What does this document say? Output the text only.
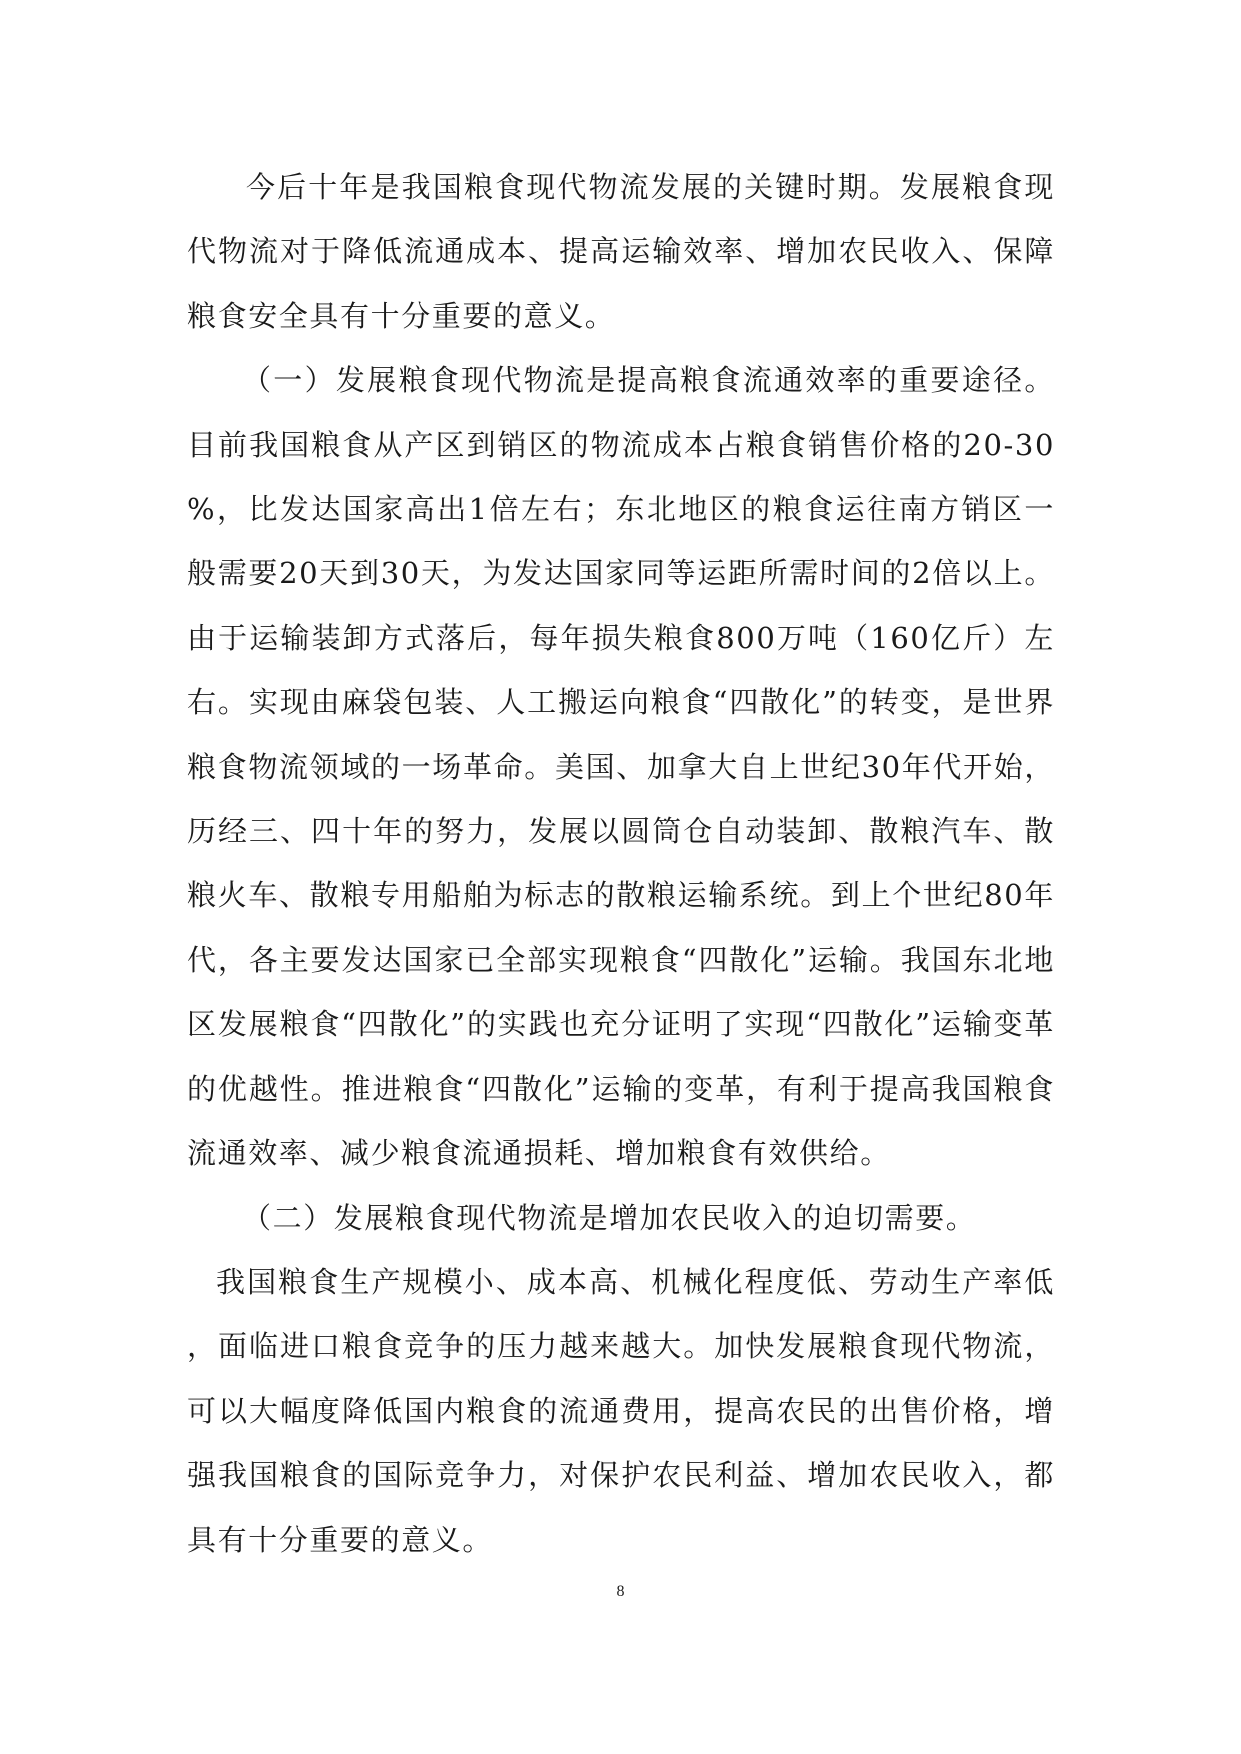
今后十年是我国粮食现代物流发展的关键时期。发展粮食现代物流对于降低流通成本、提高运输效率、增加农民收入、保障粮食安全具有十分重要的意义。

（一）发展粮食现代物流是提高粮食流通效率的重要途径。目前我国粮食从产区到销区的物流成本占粮食销售价格的20-30%，比发达国家高出1倍左右；东北地区的粮食运往南方销区一般需要20天到30天，为发达国家同等运距所需时间的2倍以上。由于运输装卸方式落后，每年损失粮食800万吨（160亿斤）左右。实现由麻袋包装、人工搬运向粮食“四散化”的转变，是世界粮食物流领域的一场革命。美国、加拿大自上世纪30年代开始，历经三、四十年的努力，发展以圆筒仓自动装卸、散粮汽车、散粮火车、散粮专用船舶为标志的散粮运输系统。到上个世纪80年代，各主要发达国家已全部实现粮食“四散化”运输。我国东北地区发展粮食“四散化”的实践也充分证明了实现“四散化”运输变革的优越性。推进粮食“四散化”运输的变革，有利于提高我国粮食流通效率、减少粮食流通损耗、增加粮食有效供给。

（二）发展粮食现代物流是增加农民收入的迫切需要。

我国粮食生产规模小、成本高、机械化程度低、劳动生产率低，面临进口粮食竞争的压力越来越大。加快发展粮食现代物流，可以大幅度降低国内粮食的流通费用，提高农民的出售价格，增强我国粮食的国际竞争力，对保护农民利益、增加农民收入，都具有十分重要的意义。

8
